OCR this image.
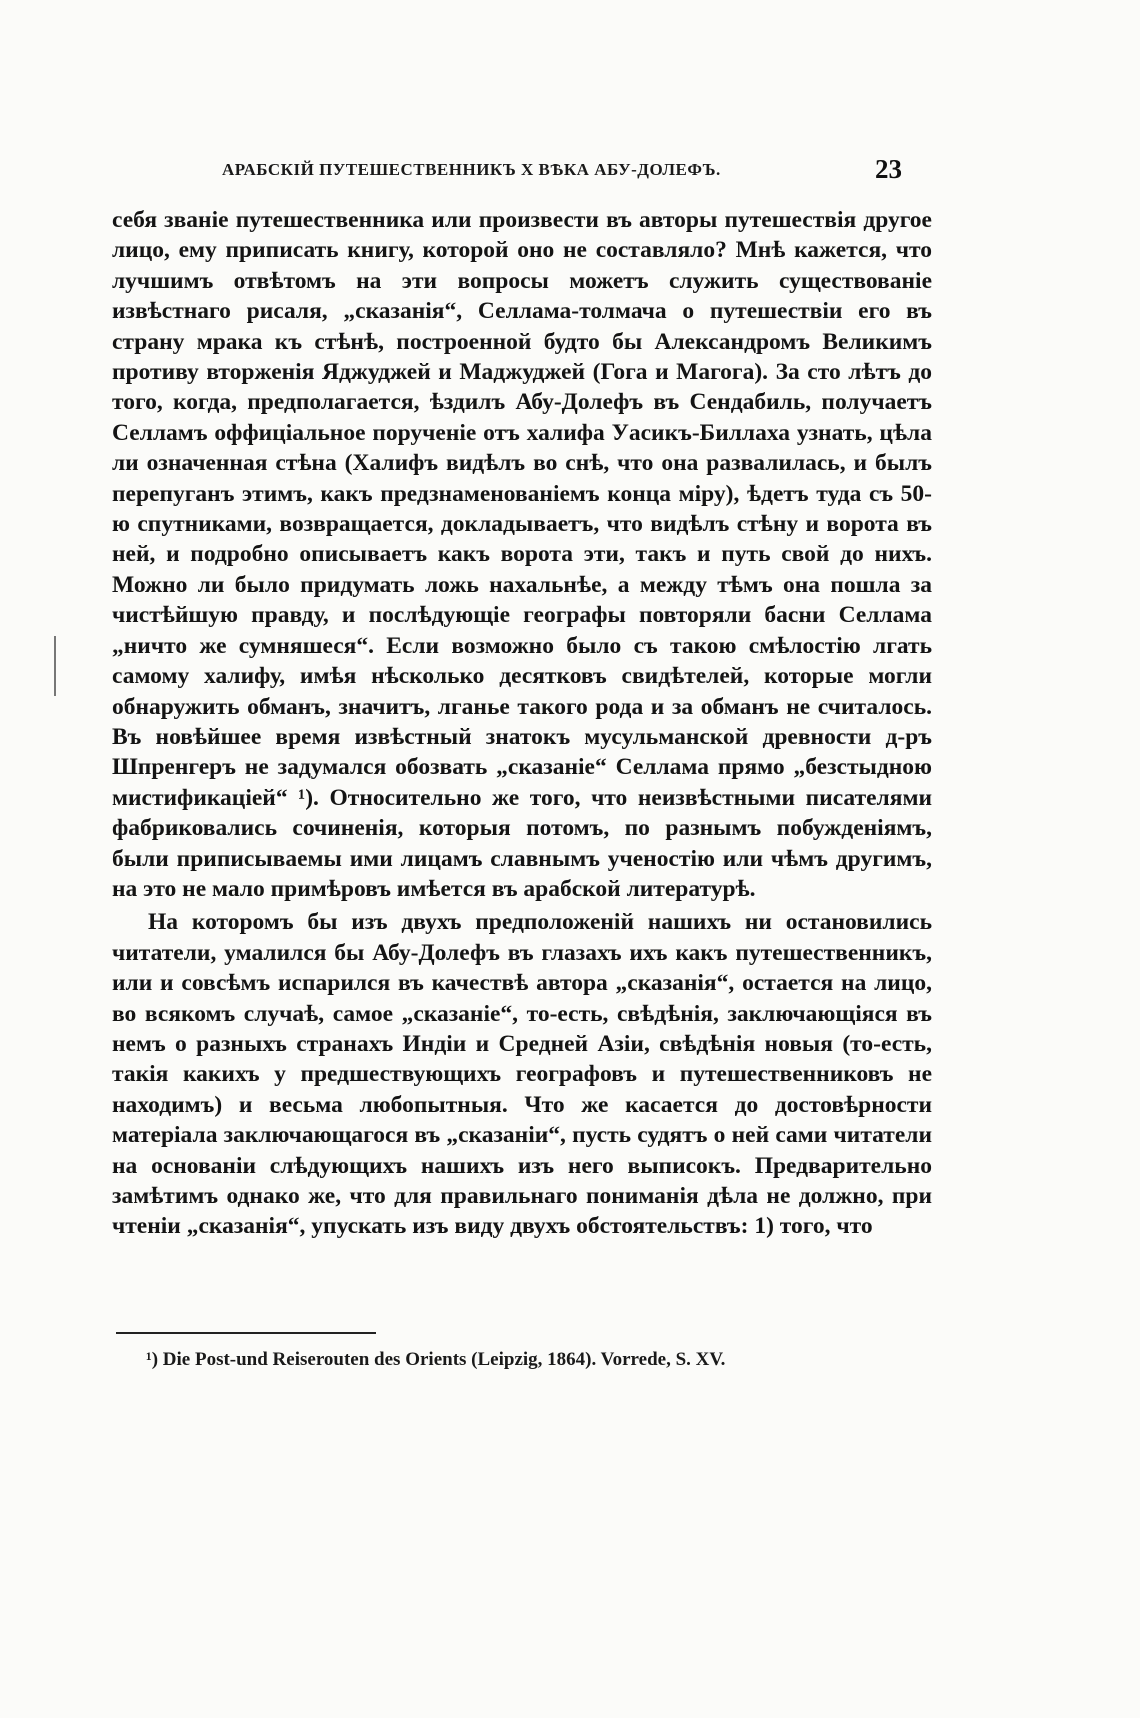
АРАБСКІЙ ПУТЕШЕСТВЕННИКЪ X ВѢКА АБУ-ДОЛЕФЪ.	23

себя званіе путешественника или произвести въ авторы путешествія другое лицо, ему приписать книгу, которой оно не составляло? Мнѣ кажется, что лучшимъ отвѣтомъ на эти вопросы можетъ служить существованіе извѣстнаго рисаля, „сказанія“, Селлама-толмача о путешествіи его въ страну мрака къ стѣнѣ, построенной будто бы Александромъ Великимъ противу вторженія Яджуджей и Маджуджей (Гога и Магога). За сто лѣтъ до того, когда, предполагается, ѣздилъ Абу-Долефъ въ Сендабиль, получаетъ Селламъ оффиціальное порученіе отъ халифа Уасикъ-Биллаха узнать, цѣла ли означенная стѣна (Халифъ видѣлъ во снѣ, что она развалилась, и былъ перепуганъ этимъ, какъ предзнаменованіемъ конца міру), ѣдетъ туда съ 50-ю спутниками, возвращается, докладываетъ, что видѣлъ стѣну и ворота въ ней, и подробно описываетъ какъ ворота эти, такъ и путь свой до нихъ. Можно ли было придумать ложь нахальнѣе, а между тѣмъ она пошла за чистѣйшую правду, и послѣдующіе географы повторяли басни Селлама „ничто же сумняшеся“. Если возможно было съ такою смѣлостію лгать самому халифу, имѣя нѣсколько десятковъ свидѣтелей, которые могли обнаружить обманъ, значитъ, лганье такого рода и за обманъ не считалось. Въ новѣйшее время извѣстный знатокъ мусульманской древности д-ръ Шпренгеръ не задумался обозвать „сказаніе“ Селлама прямо „безстыдною мистификаціей“ ¹). Относительно же того, что неизвѣстными писателями фабриковались сочиненія, которыя потомъ, по разнымъ побужденіямъ, были приписываемы ими лицамъ славнымъ ученостію или чѣмъ другимъ, на это не мало примѣровъ имѣется въ арабской литературѣ.

На которомъ бы изъ двухъ предположеній нашихъ ни остановились читатели, умалился бы Абу-Долефъ въ глазахъ ихъ какъ путешественникъ, или и совсѣмъ испарился въ качествѣ автора „сказанія“, остается на лицо, во всякомъ случаѣ, самое „сказаніе“, то-есть, свѣдѣнія, заключающіяся въ немъ о разныхъ странахъ Индіи и Средней Азіи, свѣдѣнія новыя (то-есть, такія какихъ у предшествующихъ географовъ и путешественниковъ не находимъ) и весьма любопытныя. Что же касается до достовѣрности матеріала заключающагося въ „сказаніи“, пусть судятъ о ней сами читатели на основаніи слѣдующихъ нашихъ изъ него выписокъ. Предварительно замѣтимъ однако же, что для правильнаго пониманія дѣла не должно, при чтеніи „сказанія“, упускать изъ виду двухъ обстоятельствъ: 1) того, что

¹) Die Post-und Reiserouten des Orients (Leipzig, 1864). Vorrede, S. XV.
